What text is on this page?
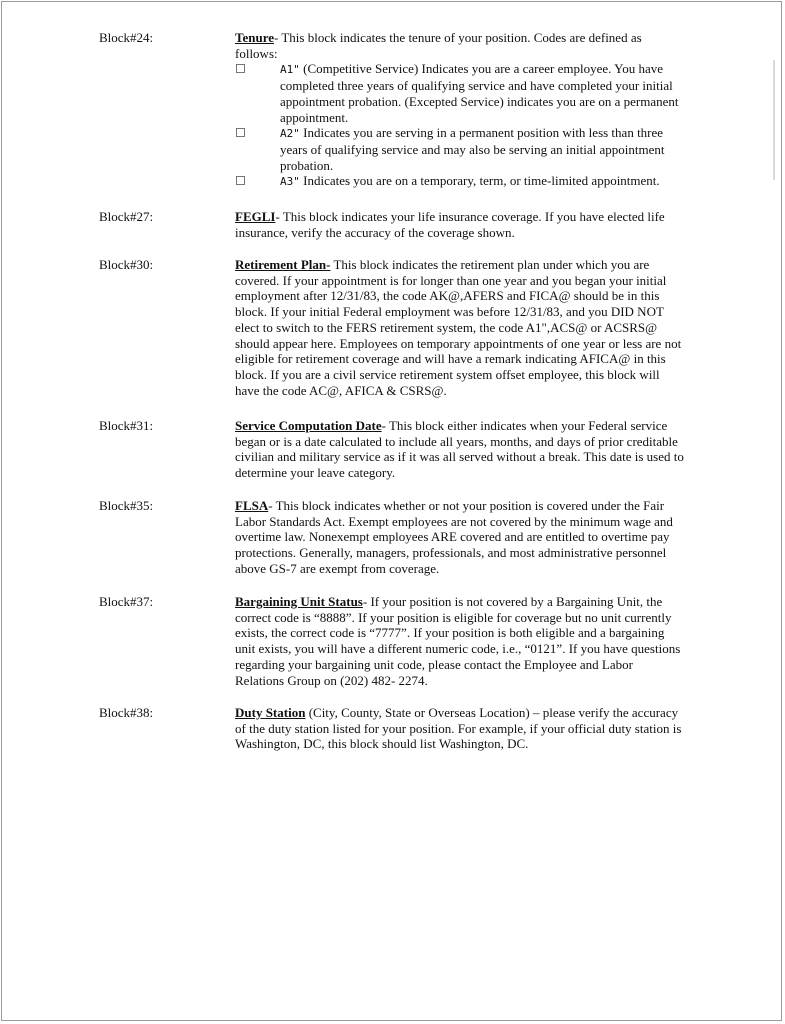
Block#24:	Tenure- This block indicates the tenure of your position. Codes are defined as follows:
A1" (Competitive Service) Indicates you are a career employee. You have completed three years of qualifying service and have completed your initial appointment probation. (Excepted Service) indicates you are on a permanent appointment.
A2" Indicates you are serving in a permanent position with less than three years of qualifying service and may also be serving an initial appointment probation.
A3" Indicates you are on a temporary, term, or time-limited appointment.
Block#27:	FEGLI- This block indicates your life insurance coverage. If you have elected life insurance, verify the accuracy of the coverage shown.
Block#30:	Retirement Plan- This block indicates the retirement plan under which you are covered. If your appointment is for longer than one year and you began your initial employment after 12/31/83, the code AK@,AFERS and FICA@ should be in this block. If your initial Federal employment was before 12/31/83, and you DID NOT elect to switch to the FERS retirement system, the code A1",ACS@ or ACSRS@ should appear here. Employees on temporary appointments of one year or less are not eligible for retirement coverage and will have a remark indicating AFICA@ in this block. If you are a civil service retirement system offset employee, this block will have the code AC@, AFICA & CSRS@.
Block#31:	Service Computation Date- This block either indicates when your Federal service began or is a date calculated to include all years, months, and days of prior creditable civilian and military service as if it was all served without a break. This date is used to determine your leave category.
Block#35:	FLSA- This block indicates whether or not your position is covered under the Fair Labor Standards Act. Exempt employees are not covered by the minimum wage and overtime law. Nonexempt employees ARE covered and are entitled to overtime pay protections. Generally, managers, professionals, and most administrative personnel above GS-7 are exempt from coverage.
Block#37:	Bargaining Unit Status- If your position is not covered by a Bargaining Unit, the correct code is “8888”. If your position is eligible for coverage but no unit currently exists, the correct code is “7777”. If your position is both eligible and a bargaining unit exists, you will have a different numeric code, i.e., “0121”. If you have questions regarding your bargaining unit code, please contact the Employee and Labor Relations Group on (202) 482- 2274.
Block#38:	Duty Station (City, County, State or Overseas Location) – please verify the accuracy of the duty station listed for your position. For example, if your official duty station is Washington, DC, this block should list Washington, DC.
